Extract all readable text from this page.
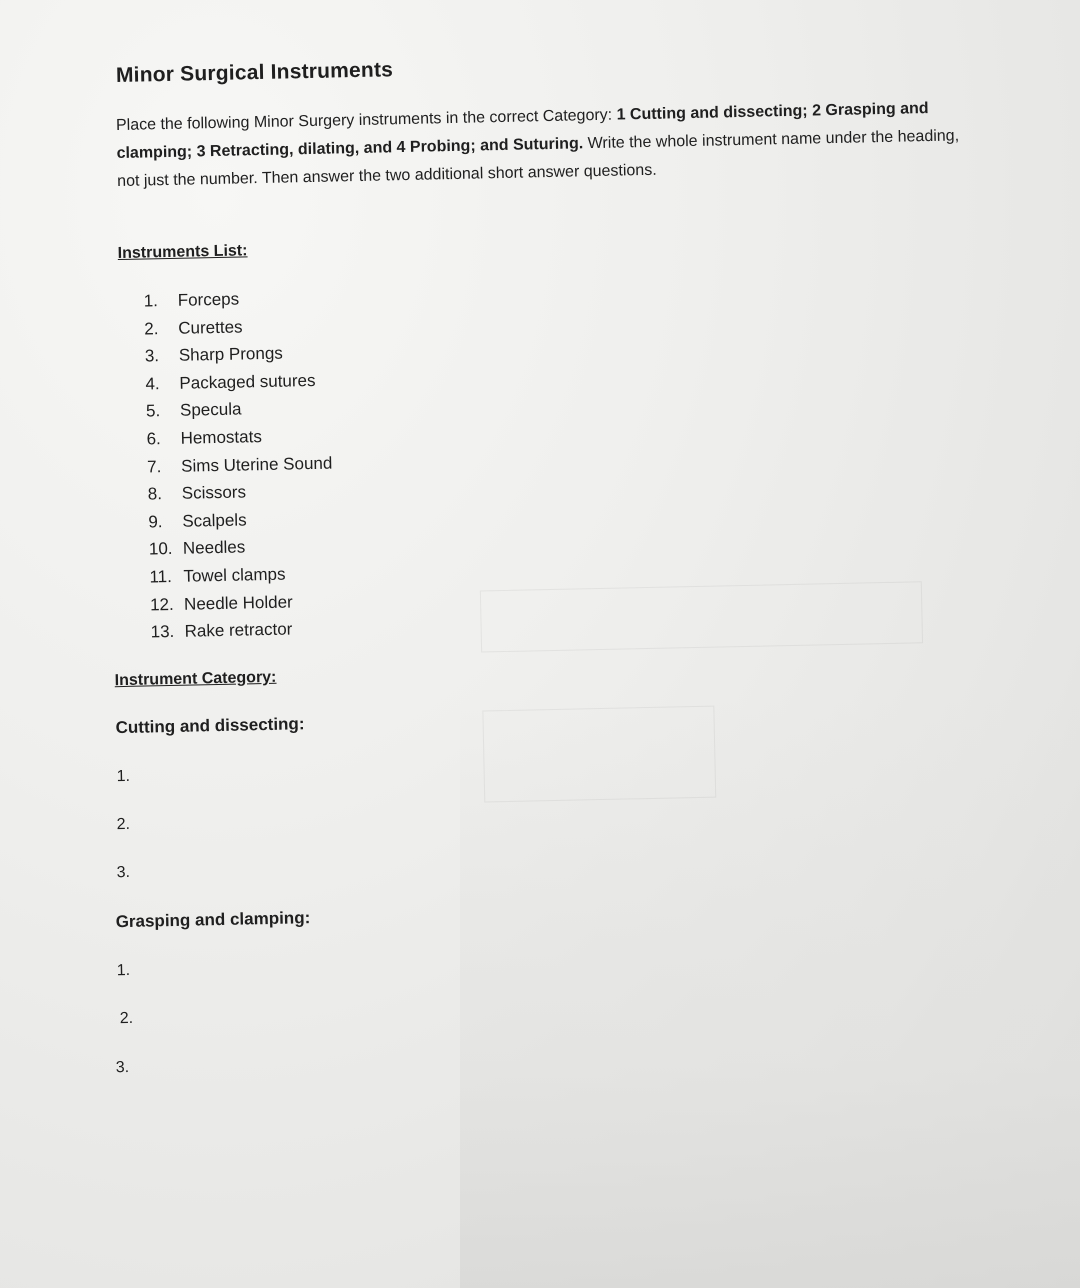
Minor Surgical Instruments
Place the following Minor Surgery instruments in the correct Category: 1 Cutting and dissecting; 2 Grasping and clamping; 3 Retracting, dilating, and 4 Probing; and Suturing. Write the whole instrument name under the heading, not just the number. Then answer the two additional short answer questions.
Instruments List:
1. Forceps
2. Curettes
3. Sharp Prongs
4. Packaged sutures
5. Specula
6. Hemostats
7. Sims Uterine Sound
8. Scissors
9. Scalpels
10. Needles
11. Towel clamps
12. Needle Holder
13. Rake retractor
Instrument Category:
Cutting and dissecting:
1.
2.
3.
Grasping and clamping:
1.
2.
3.
